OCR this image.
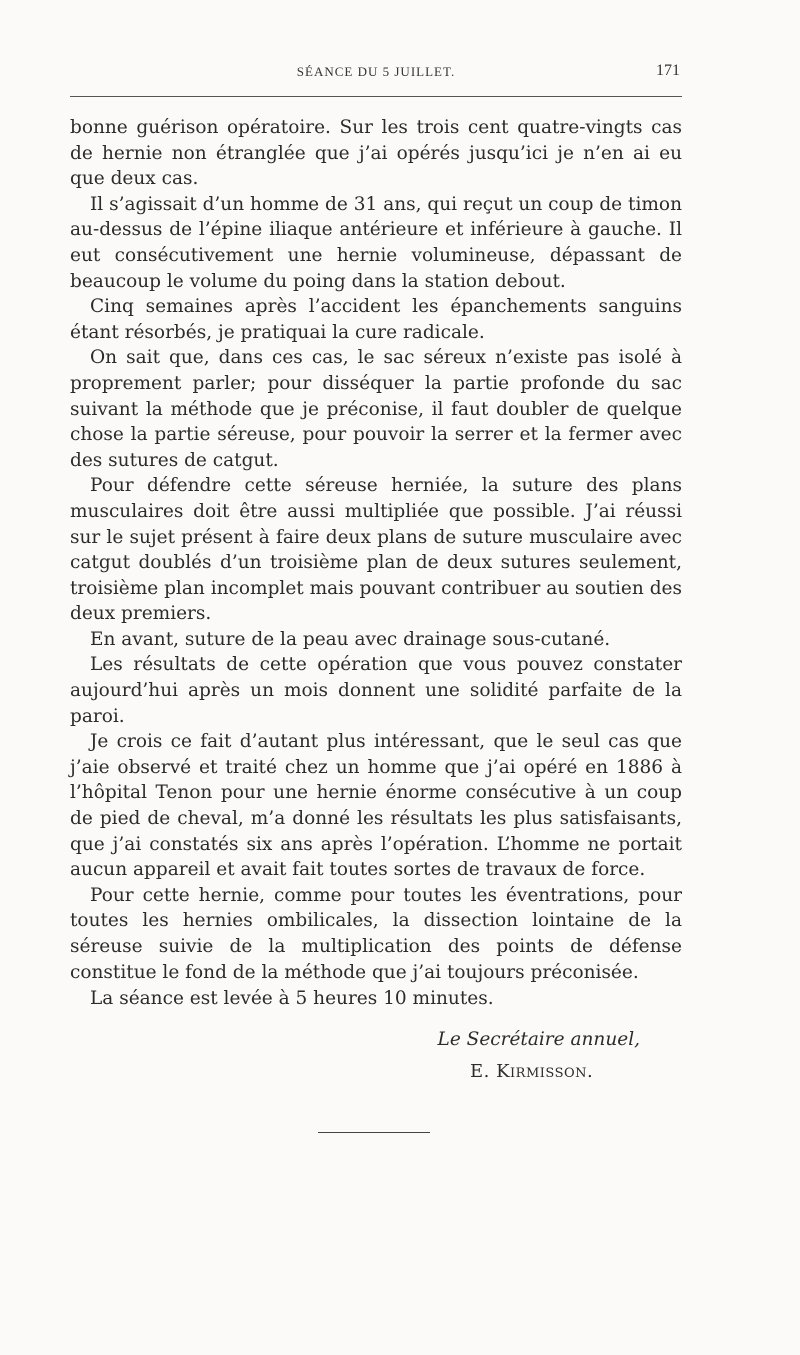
SÉANCE DU 5 JUILLET.	171

bonne guérison opératoire. Sur les trois cent quatre-vingts cas de hernie non étranglée que j’ai opérés jusqu’ici je n’en ai eu que deux cas.

Il s’agissait d’un homme de 31 ans, qui reçut un coup de timon au-dessus de l’épine iliaque antérieure et inférieure à gauche. Il eut consécutivement une hernie volumineuse, dépassant de beaucoup le volume du poing dans la station debout.

Cinq semaines après l’accident les épanchements sanguins étant résorbés, je pratiquai la cure radicale.

On sait que, dans ces cas, le sac séreux n’existe pas isolé à proprement parler; pour disséquer la partie profonde du sac suivant la méthode que je préconise, il faut doubler de quelque chose la partie séreuse, pour pouvoir la serrer et la fermer avec des sutures de catgut.

Pour défendre cette séreuse herniée, la suture des plans musculaires doit être aussi multipliée que possible. J’ai réussi sur le sujet présent à faire deux plans de suture musculaire avec catgut doublés d’un troisième plan de deux sutures seulement, troisième plan incomplet mais pouvant contribuer au soutien des deux premiers.

En avant, suture de la peau avec drainage sous-cutané.

Les résultats de cette opération que vous pouvez constater aujourd’hui après un mois donnent une solidité parfaite de la paroi.

Je crois ce fait d’autant plus intéressant, que le seul cas que j’aie observé et traité chez un homme que j’ai opéré en 1886 à l’hôpital Tenon pour une hernie énorme consécutive à un coup de pied de cheval, m’a donné les résultats les plus satisfaisants, que j’ai constatés six ans après l’opération. L’homme ne portait aucun appareil et avait fait toutes sortes de travaux de force.

Pour cette hernie, comme pour toutes les éventrations, pour toutes les hernies ombilicales, la dissection lointaine de la séreuse suivie de la multiplication des points de défense constitue le fond de la méthode que j’ai toujours préconisée.

La séance est levée à 5 heures 10 minutes.
Le Secrétaire annuel,
E. Kirmisson.
